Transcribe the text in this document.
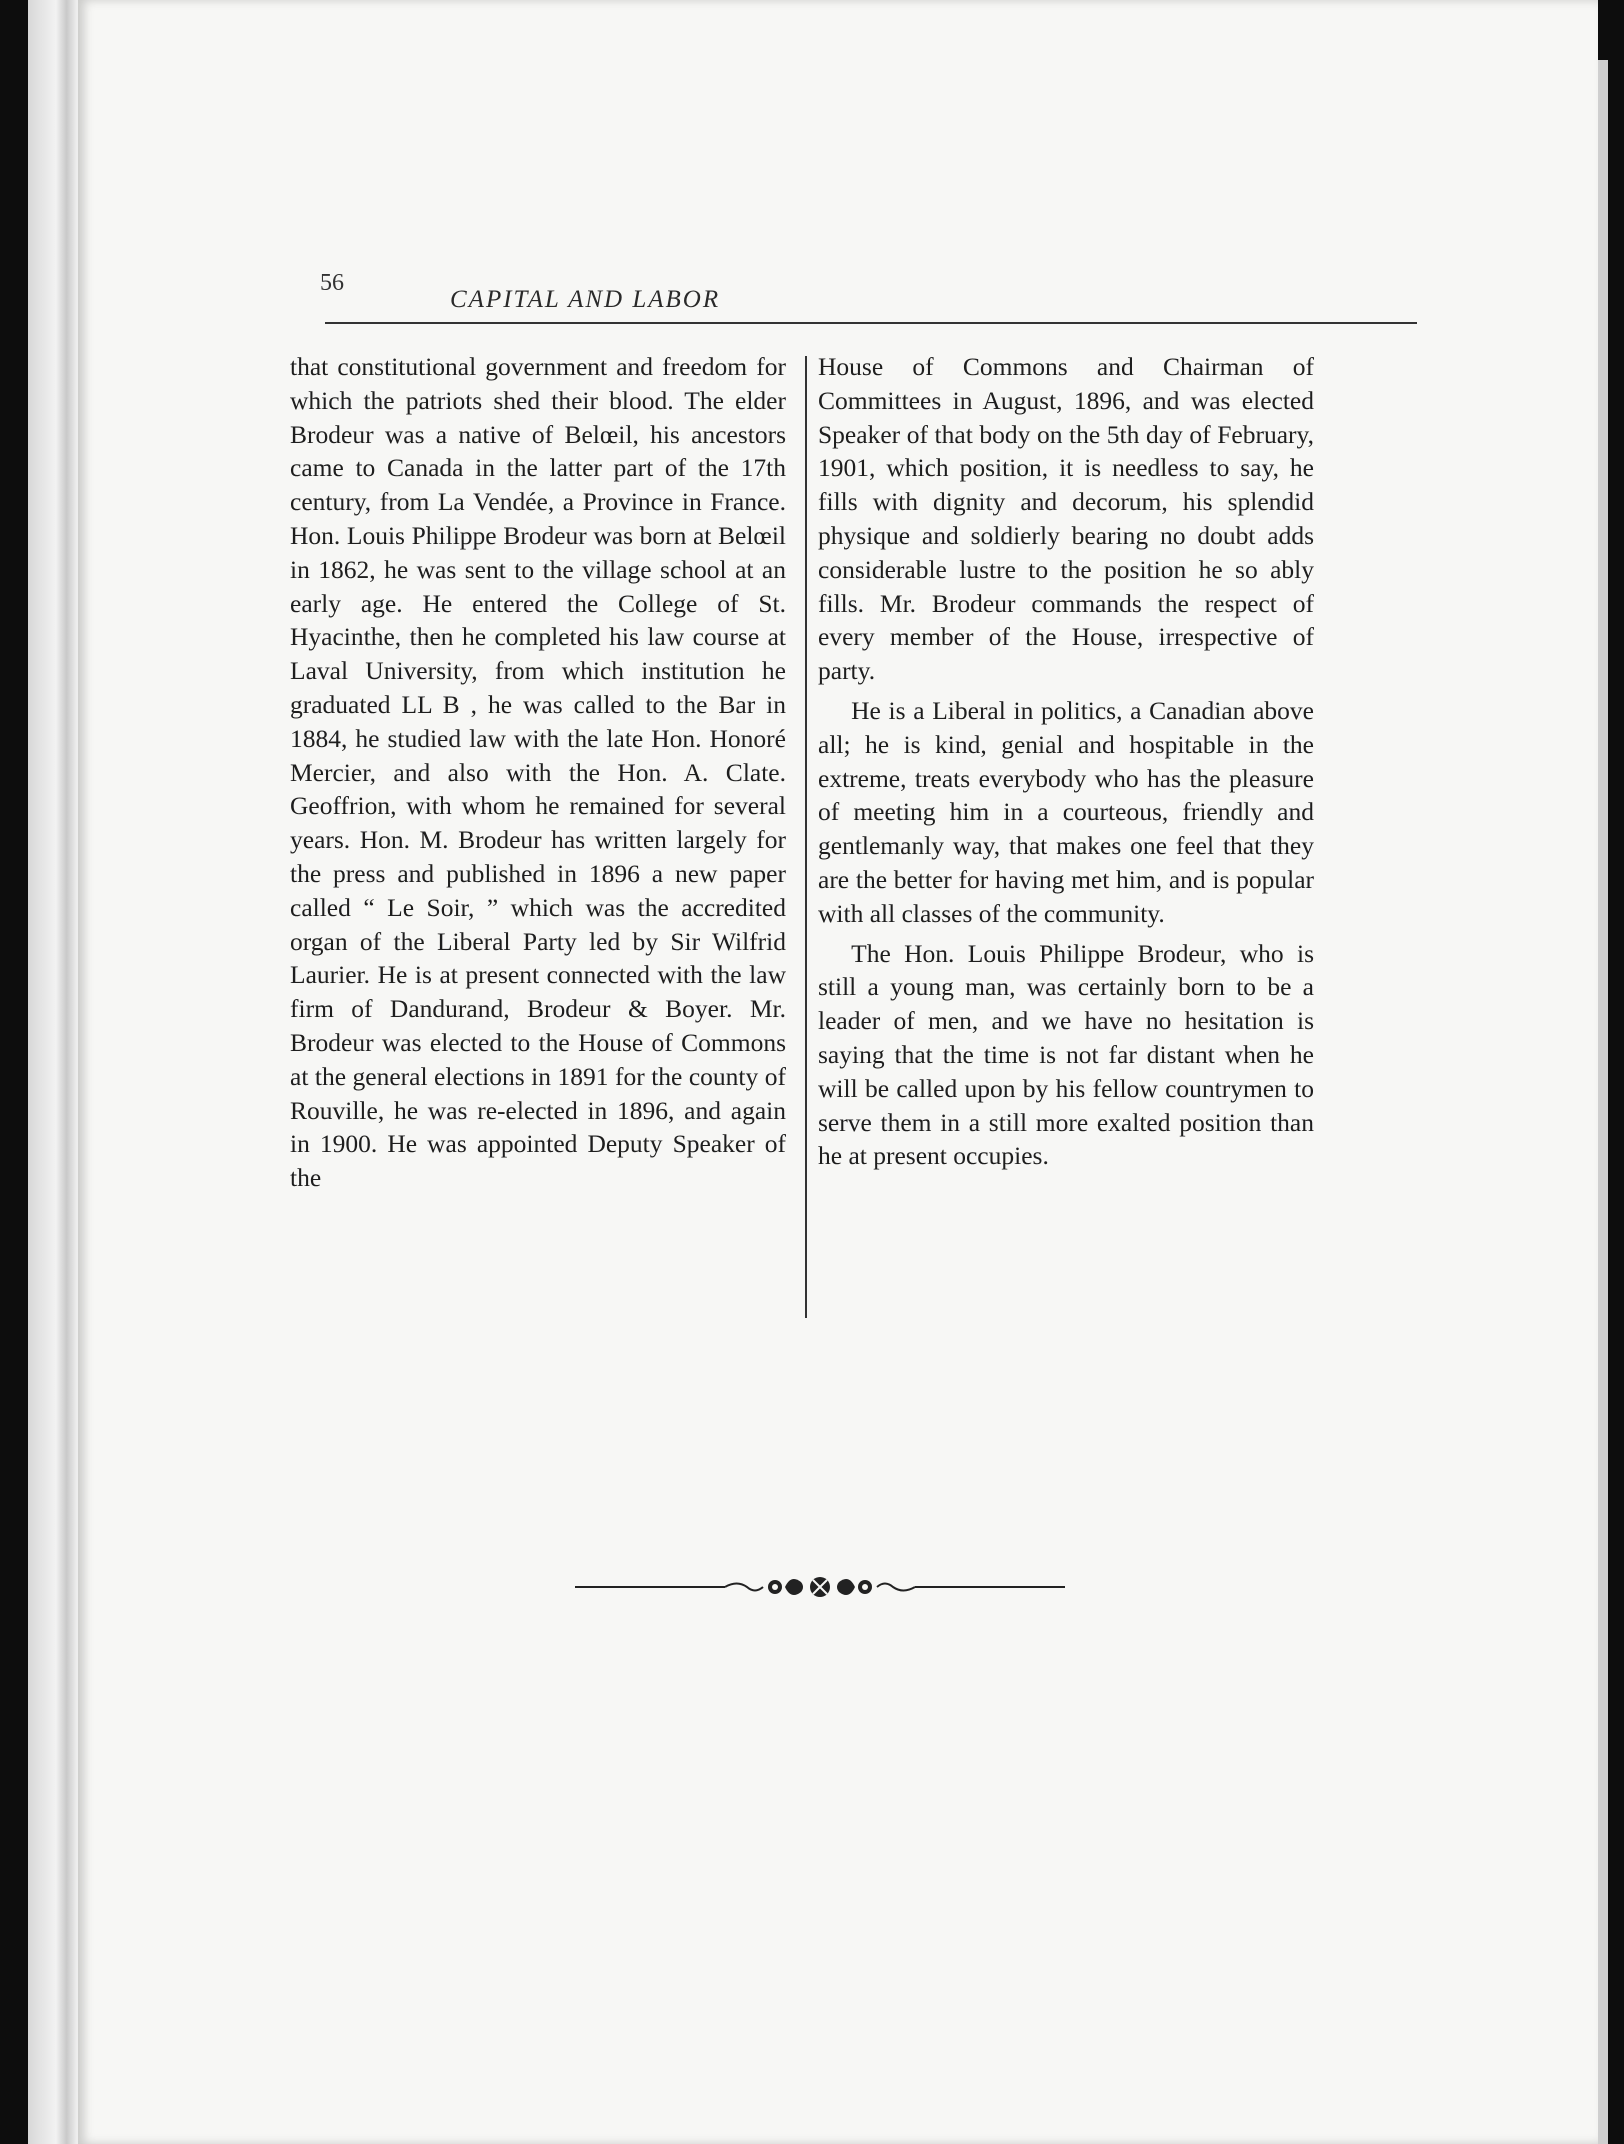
56
CAPITAL AND LABOR

that constitutional government and freedom for which the patriots shed their blood. The elder Brodeur was a native of Belœil, his ancestors came to Canada in the latter part of the 17th century, from La Vendée, a Province in France. Hon. Louis Philippe Brodeur was born at Belœil in 1862, he was sent to the village school at an early age. He entered the College of St. Hyacinthe, then he completed his law course at Laval University, from which institution he graduated LL B , he was called to the Bar in 1884, he studied law with the late Hon. Honoré Mercier, and also with the Hon. A. Clate. Geoffrion, with whom he remained for several years. Hon. M. Brodeur has written largely for the press and published in 1896 a new paper called “ Le Soir, ” which was the accredited organ of the Liberal Party led by Sir Wilfrid Laurier. He is at present connected with the law firm of Dandurand, Brodeur & Boyer. Mr. Brodeur was elected to the House of Commons at the general elections in 1891 for the county of Rouville, he was re-elected in 1896, and again in 1900. He was appointed Deputy Speaker of the

House of Commons and Chairman of Committees in August, 1896, and was elected Speaker of that body on the 5th day of February, 1901, which position, it is needless to say, he fills with dignity and decorum, his splendid physique and soldierly bearing no doubt adds considerable lustre to the position he so ably fills. Mr. Brodeur commands the respect of every member of the House, irrespective of party.

He is a Liberal in politics, a Canadian above all; he is kind, genial and hospitable in the extreme, treats everybody who has the pleasure of meeting him in a courteous, friendly and gentlemanly way, that makes one feel that they are the better for having met him, and is popular with all classes of the community.

The Hon. Louis Philippe Brodeur, who is still a young man, was certainly born to be a leader of men, and we have no hesitation is saying that the time is not far distant when he will be called upon by his fellow countrymen to serve them in a still more exalted position than he at present occupies.
